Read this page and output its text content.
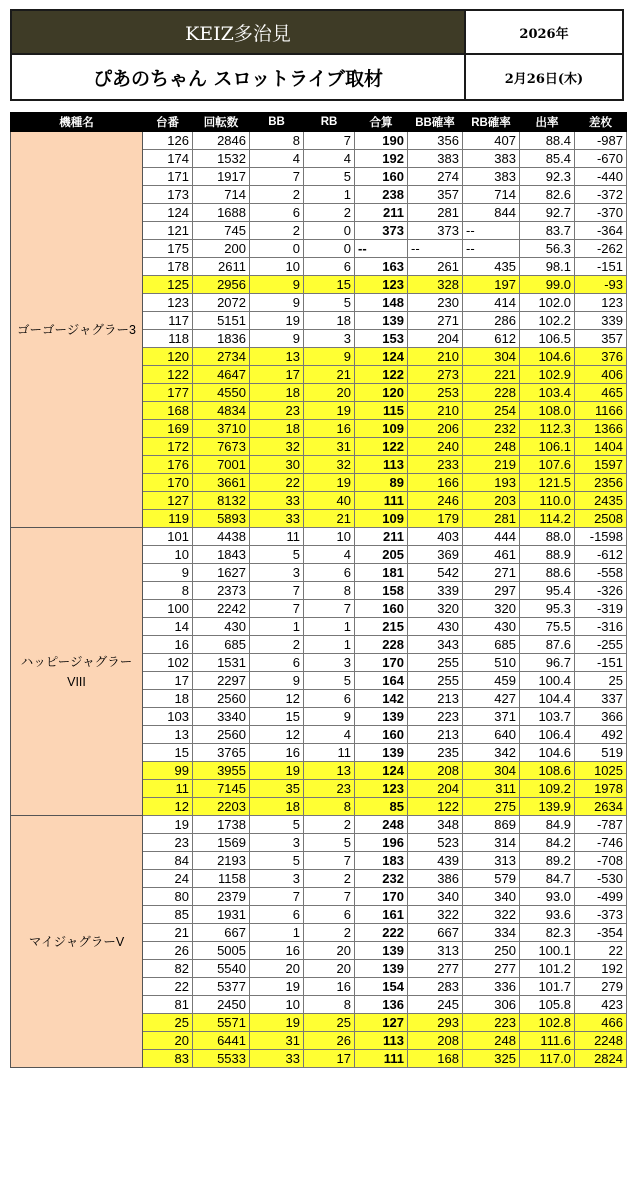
KEIZ多治見
ぴあのちゃん スロットライブ取材
2026年
2月26日(木)
機種名	台番	回転数	BB	RB	合算	BB確率	RB確率	出率	差枚
ゴーゴージャグラー3	126	2846	8	7	190	356	407	88.4	-987
	174	1532	4	4	192	383	383	85.4	-670
	171	1917	7	5	160	274	383	92.3	-440
	173	714	2	1	238	357	714	82.6	-372
	124	1688	6	2	211	281	844	92.7	-370
	121	745	2	0	373	373	--	83.7	-364
	175	200	0	0	--	--	--	56.3	-262
	178	2611	10	6	163	261	435	98.1	-151
	125	2956	9	15	123	328	197	99.0	-93
	123	2072	9	5	148	230	414	102.0	123
	117	5151	19	18	139	271	286	102.2	339
	118	1836	9	3	153	204	612	106.5	357
	120	2734	13	9	124	210	304	104.6	376
	122	4647	17	21	122	273	221	102.9	406
	177	4550	18	20	120	253	228	103.4	465
	168	4834	23	19	115	210	254	108.0	1166
	169	3710	18	16	109	206	232	112.3	1366
	172	7673	32	31	122	240	248	106.1	1404
	176	7001	30	32	113	233	219	107.6	1597
	170	3661	22	19	89	166	193	121.5	2356
	127	8132	33	40	111	246	203	110.0	2435
	119	5893	33	21	109	179	281	114.2	2508
ハッピージャグラー
VIII	101	4438	11	10	211	403	444	88.0	-1598
	10	1843	5	4	205	369	461	88.9	-612
	9	1627	3	6	181	542	271	88.6	-558
	8	2373	7	8	158	339	297	95.4	-326
	100	2242	7	7	160	320	320	95.3	-319
	14	430	1	1	215	430	430	75.5	-316
	16	685	2	1	228	343	685	87.6	-255
	102	1531	6	3	170	255	510	96.7	-151
	17	2297	9	5	164	255	459	100.4	25
	18	2560	12	6	142	213	427	104.4	337
	103	3340	15	9	139	223	371	103.7	366
	13	2560	12	4	160	213	640	106.4	492
	15	3765	16	11	139	235	342	104.6	519
	99	3955	19	13	124	208	304	108.6	1025
	11	7145	35	23	123	204	311	109.2	1978
	12	2203	18	8	85	122	275	139.9	2634
マイジャグラーV	19	1738	5	2	248	348	869	84.9	-787
	23	1569	3	5	196	523	314	84.2	-746
	84	2193	5	7	183	439	313	89.2	-708
	24	1158	3	2	232	386	579	84.7	-530
	80	2379	7	7	170	340	340	93.0	-499
	85	1931	6	6	161	322	322	93.6	-373
	21	667	1	2	222	667	334	82.3	-354
	26	5005	16	20	139	313	250	100.1	22
	82	5540	20	20	139	277	277	101.2	192
	22	5377	19	16	154	283	336	101.7	279
	81	2450	10	8	136	245	306	105.8	423
	25	5571	19	25	127	293	223	102.8	466
	20	6441	31	26	113	208	248	111.6	2248
	83	5533	33	17	111	168	325	117.0	2824
